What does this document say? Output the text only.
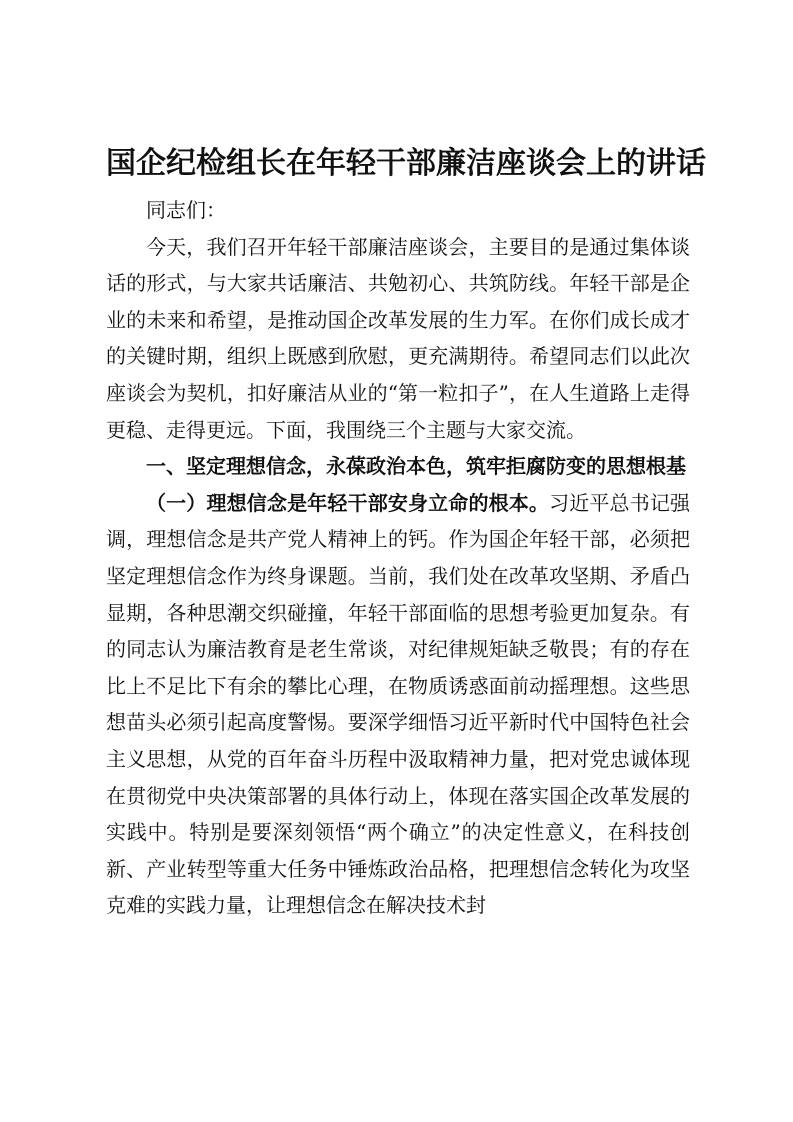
国企纪检组长在年轻干部廉洁座谈会上的讲话

同志们：

今天，我们召开年轻干部廉洁座谈会，主要目的是通过集体谈话的形式，与大家共话廉洁、共勉初心、共筑防线。年轻干部是企业的未来和希望，是推动国企改革发展的生力军。在你们成长成才的关键时期，组织上既感到欣慰，更充满期待。希望同志们以此次座谈会为契机，扣好廉洁从业的“第一粒扣子”，在人生道路上走得更稳、走得更远。下面，我围绕三个主题与大家交流。

一、坚定理想信念，永葆政治本色，筑牢拒腐防变的思想根基

（一）理想信念是年轻干部安身立命的根本。习近平总书记强调，理想信念是共产党人精神上的钙。作为国企年轻干部，必须把坚定理想信念作为终身课题。当前，我们处在改革攻坚期、矛盾凸显期，各种思潮交织碰撞，年轻干部面临的思想考验更加复杂。有的同志认为廉洁教育是老生常谈，对纪律规矩缺乏敬畏；有的存在比上不足比下有余的攀比心理，在物质诱惑面前动摇理想。这些思想苗头必须引起高度警惕。要深学细悟习近平新时代中国特色社会主义思想，从党的百年奋斗历程中汲取精神力量，把对党忠诚体现在贯彻党中央决策部署的具体行动上，体现在落实国企改革发展的实践中。特别是要深刻领悟“两个确立”的决定性意义，在科技创新、产业转型等重大任务中锤炼政治品格，把理想信念转化为攻坚克难的实践力量，让理想信念在解决技术封
